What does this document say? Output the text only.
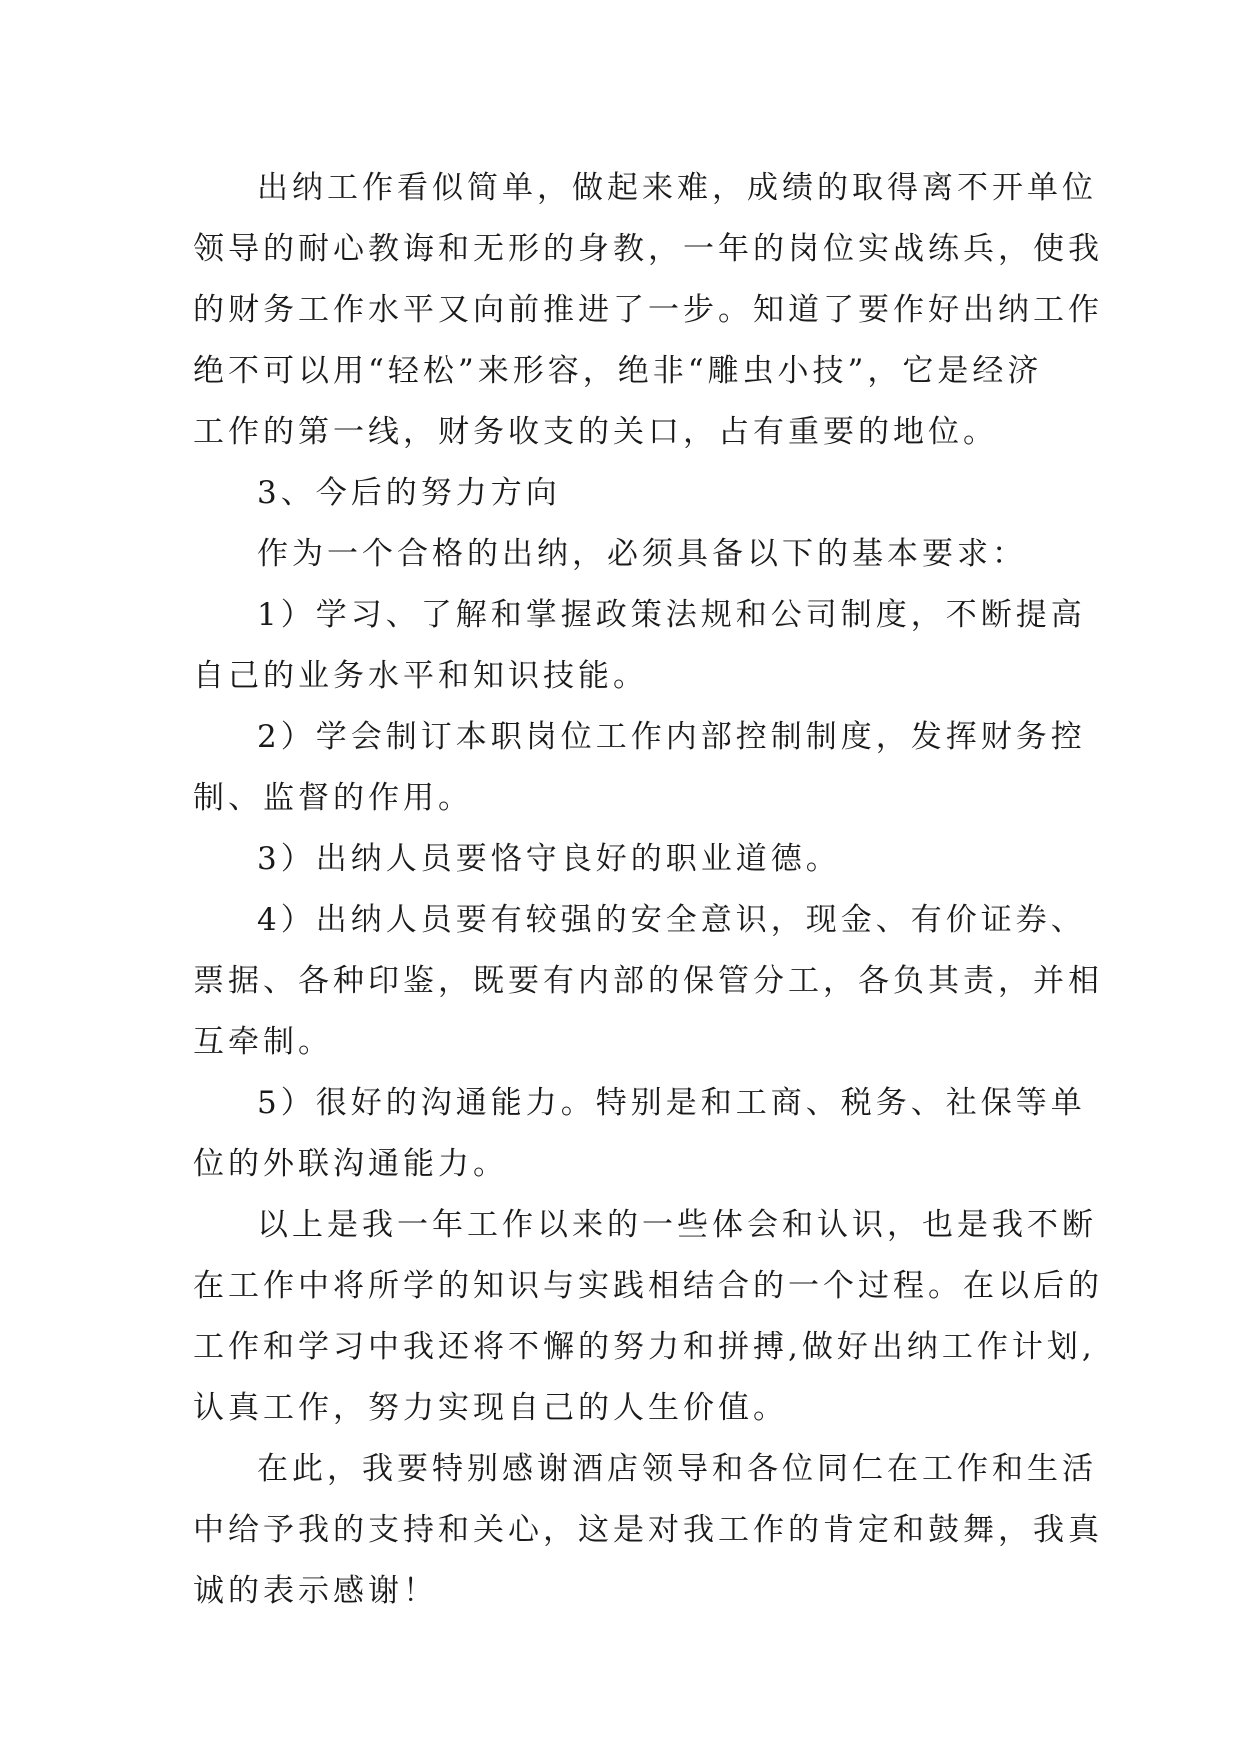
出纳工作看似简单，做起来难，成绩的取得离不开单位
领导的耐心教诲和无形的身教，一年的岗位实战练兵，使我
的财务工作水平又向前推进了一步。知道了要作好出纳工作
绝不可以用“轻松”来形容，绝非“雕虫小技”，它是经济
工作的第一线，财务收支的关口，占有重要的地位。
3、今后的努力方向
作为一个合格的出纳，必须具备以下的基本要求：
1）学习、了解和掌握政策法规和公司制度，不断提高
自己的业务水平和知识技能。
2）学会制订本职岗位工作内部控制制度，发挥财务控
制、监督的作用。
3）出纳人员要恪守良好的职业道德。
4）出纳人员要有较强的安全意识，现金、有价证券、
票据、各种印鉴，既要有内部的保管分工，各负其责，并相
互牵制。
5）很好的沟通能力。特别是和工商、税务、社保等单
位的外联沟通能力。
以上是我一年工作以来的一些体会和认识，也是我不断
在工作中将所学的知识与实践相结合的一个过程。在以后的
工作和学习中我还将不懈的努力和拼搏,做好出纳工作计划,
认真工作，努力实现自己的人生价值。
在此，我要特别感谢酒店领导和各位同仁在工作和生活
中给予我的支持和关心，这是对我工作的肯定和鼓舞，我真
诚的表示感谢！
